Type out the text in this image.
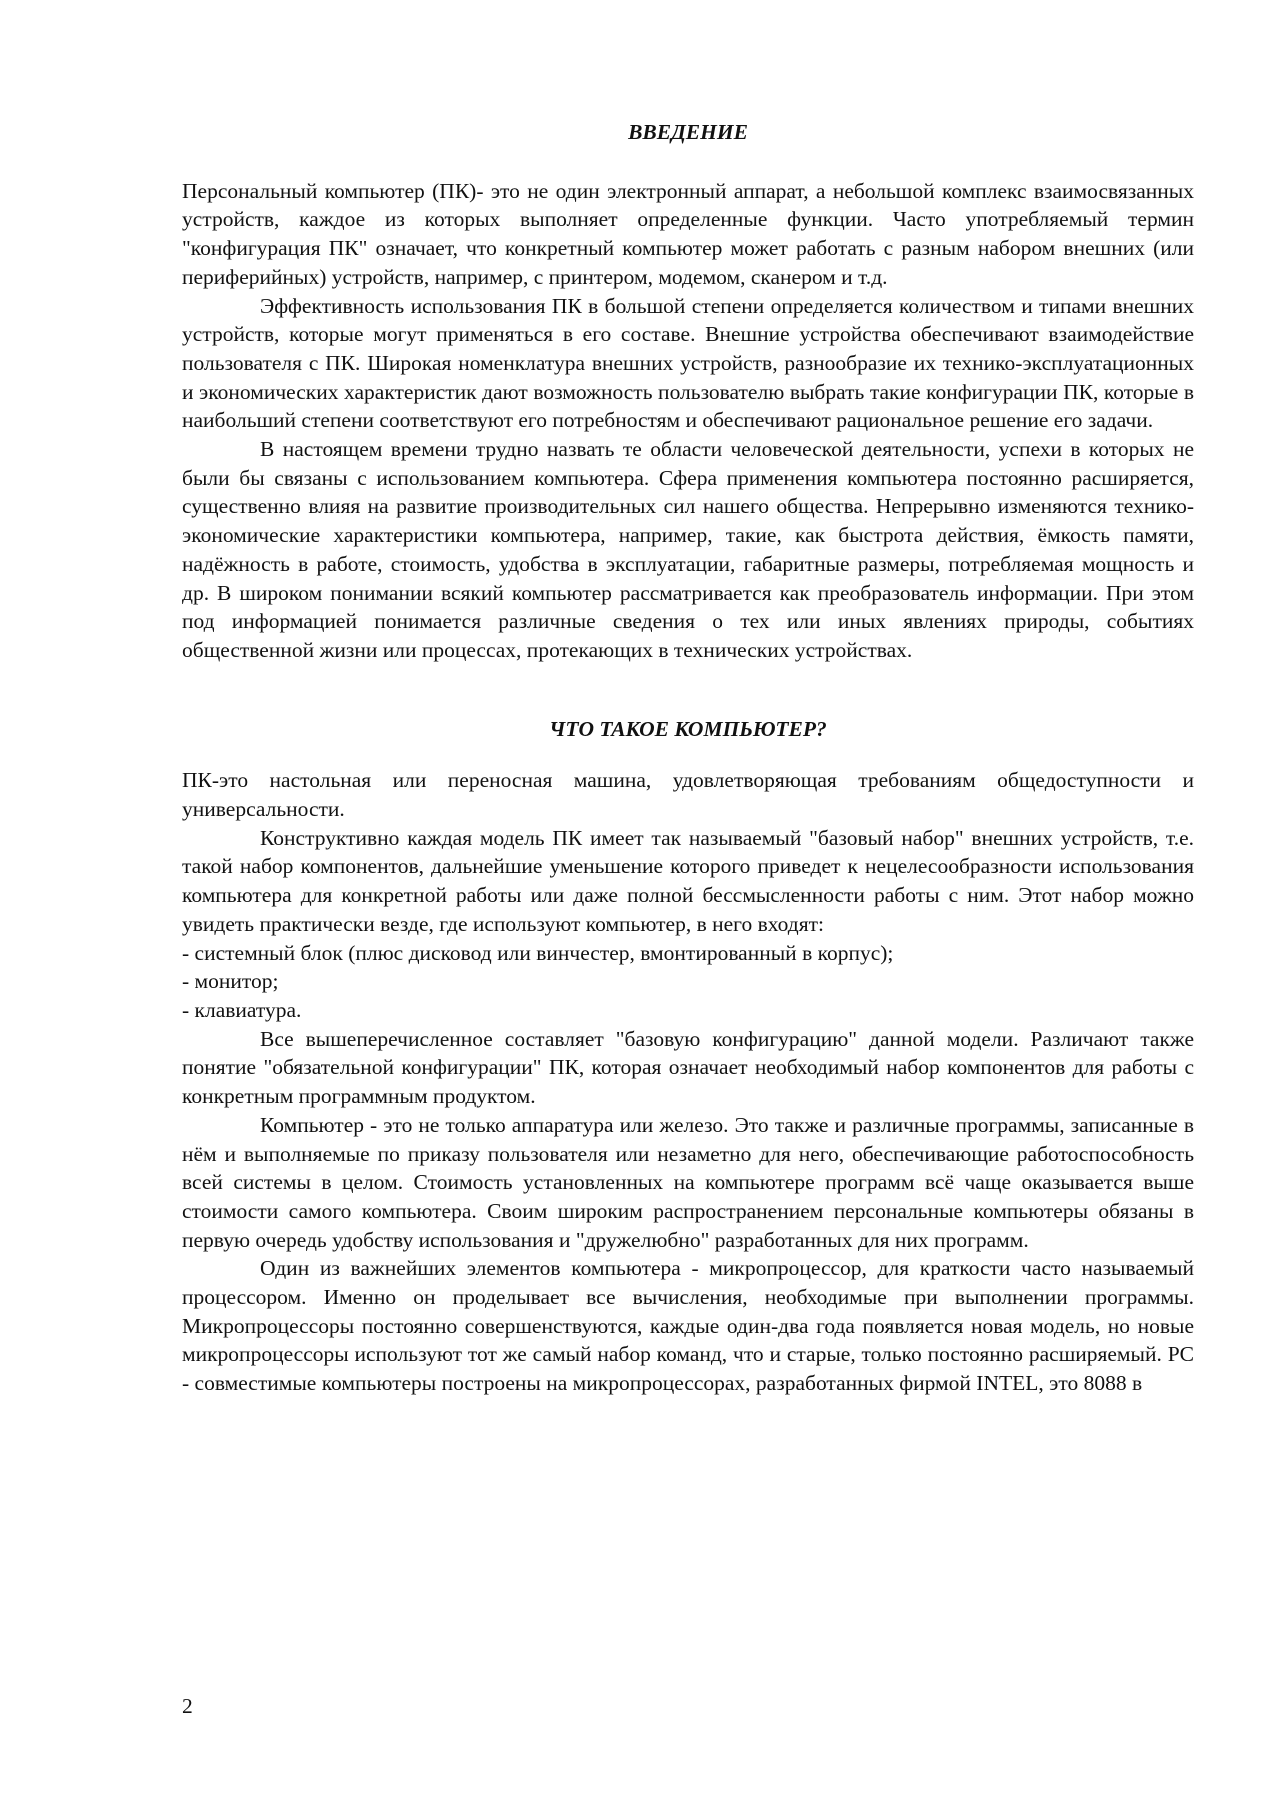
ВВЕДЕНИЕ

Персональный компьютер (ПК)- это не один электронный аппарат, а небольшой комплекс взаимосвязанных устройств, каждое из которых выполняет определенные функции. Часто употребляемый термин "конфигурация ПК" означает, что конкретный компьютер может работать с разным набором внешних (или периферийных) устройств, например, с принтером, модемом, сканером и т.д.

Эффективность использования ПК в большой степени определяется количеством и типами внешних устройств, которые могут применяться в его составе. Внешние устройства обеспечивают взаимодействие пользователя с ПК. Широкая номенклатура внешних устройств, разнообразие их технико-эксплуатационных и экономических характеристик дают возможность пользователю выбрать такие конфигурации ПК, которые в наибольший степени соответствуют его потребностям и обеспечивают рациональное решение его задачи.

В настоящем времени трудно назвать те области человеческой деятельности, успехи в которых не были бы связаны с использованием компьютера. Сфера применения компьютера постоянно расширяется, существенно влияя на развитие производительных сил нашего общества. Непрерывно изменяются технико-экономические характеристики компьютера, например, такие, как быстрота действия, ёмкость памяти, надёжность в работе, стоимость, удобства в эксплуатации, габаритные размеры, потребляемая мощность и др. В широком понимании всякий компьютер рассматривается как преобразователь информации. При этом под информацией понимается различные сведения о тех или иных явлениях природы, событиях общественной жизни или процессах, протекающих в технических устройствах.

ЧТО ТАКОЕ КОМПЬЮТЕР?

ПК-это настольная или переносная машина, удовлетворяющая требованиям общедоступности и универсальности.

Конструктивно каждая модель ПК имеет так называемый "базовый набор" внешних устройств, т.е. такой набор компонентов, дальнейшие уменьшение которого приведет к нецелесообразности использования компьютера для конкретной работы или даже полной бессмысленности работы с ним. Этот набор можно увидеть практически везде, где используют компьютер, в него входят:

- системный блок (плюс дисковод или винчестер, вмонтированный в корпус);

- монитор;

- клавиатура.

Все вышеперечисленное составляет "базовую конфигурацию" данной модели. Различают также понятие "обязательной конфигурации" ПК, которая означает необходимый набор компонентов для работы с конкретным программным продуктом.

Компьютер - это не только аппаратура или железо. Это также и различные программы, записанные в нём и выполняемые по приказу пользователя или незаметно для него, обеспечивающие работоспособность всей системы в целом. Стоимость установленных на компьютере программ всё чаще оказывается выше стоимости самого компьютера. Своим широким распространением персональные компьютеры обязаны в первую очередь удобству использования и "дружелюбно" разработанных для них программ.

Один из важнейших элементов компьютера - микропроцессор, для краткости часто называемый процессором. Именно он проделывает все вычисления, необходимые при выполнении программы. Микропроцессоры постоянно совершенствуются, каждые один-два года появляется новая модель, но новые микропроцессоры используют тот же самый набор команд, что и старые, только постоянно расширяемый. PC - совместимые компьютеры построены на микропроцессорах, разработанных фирмой INTEL, это 8088 в

2
